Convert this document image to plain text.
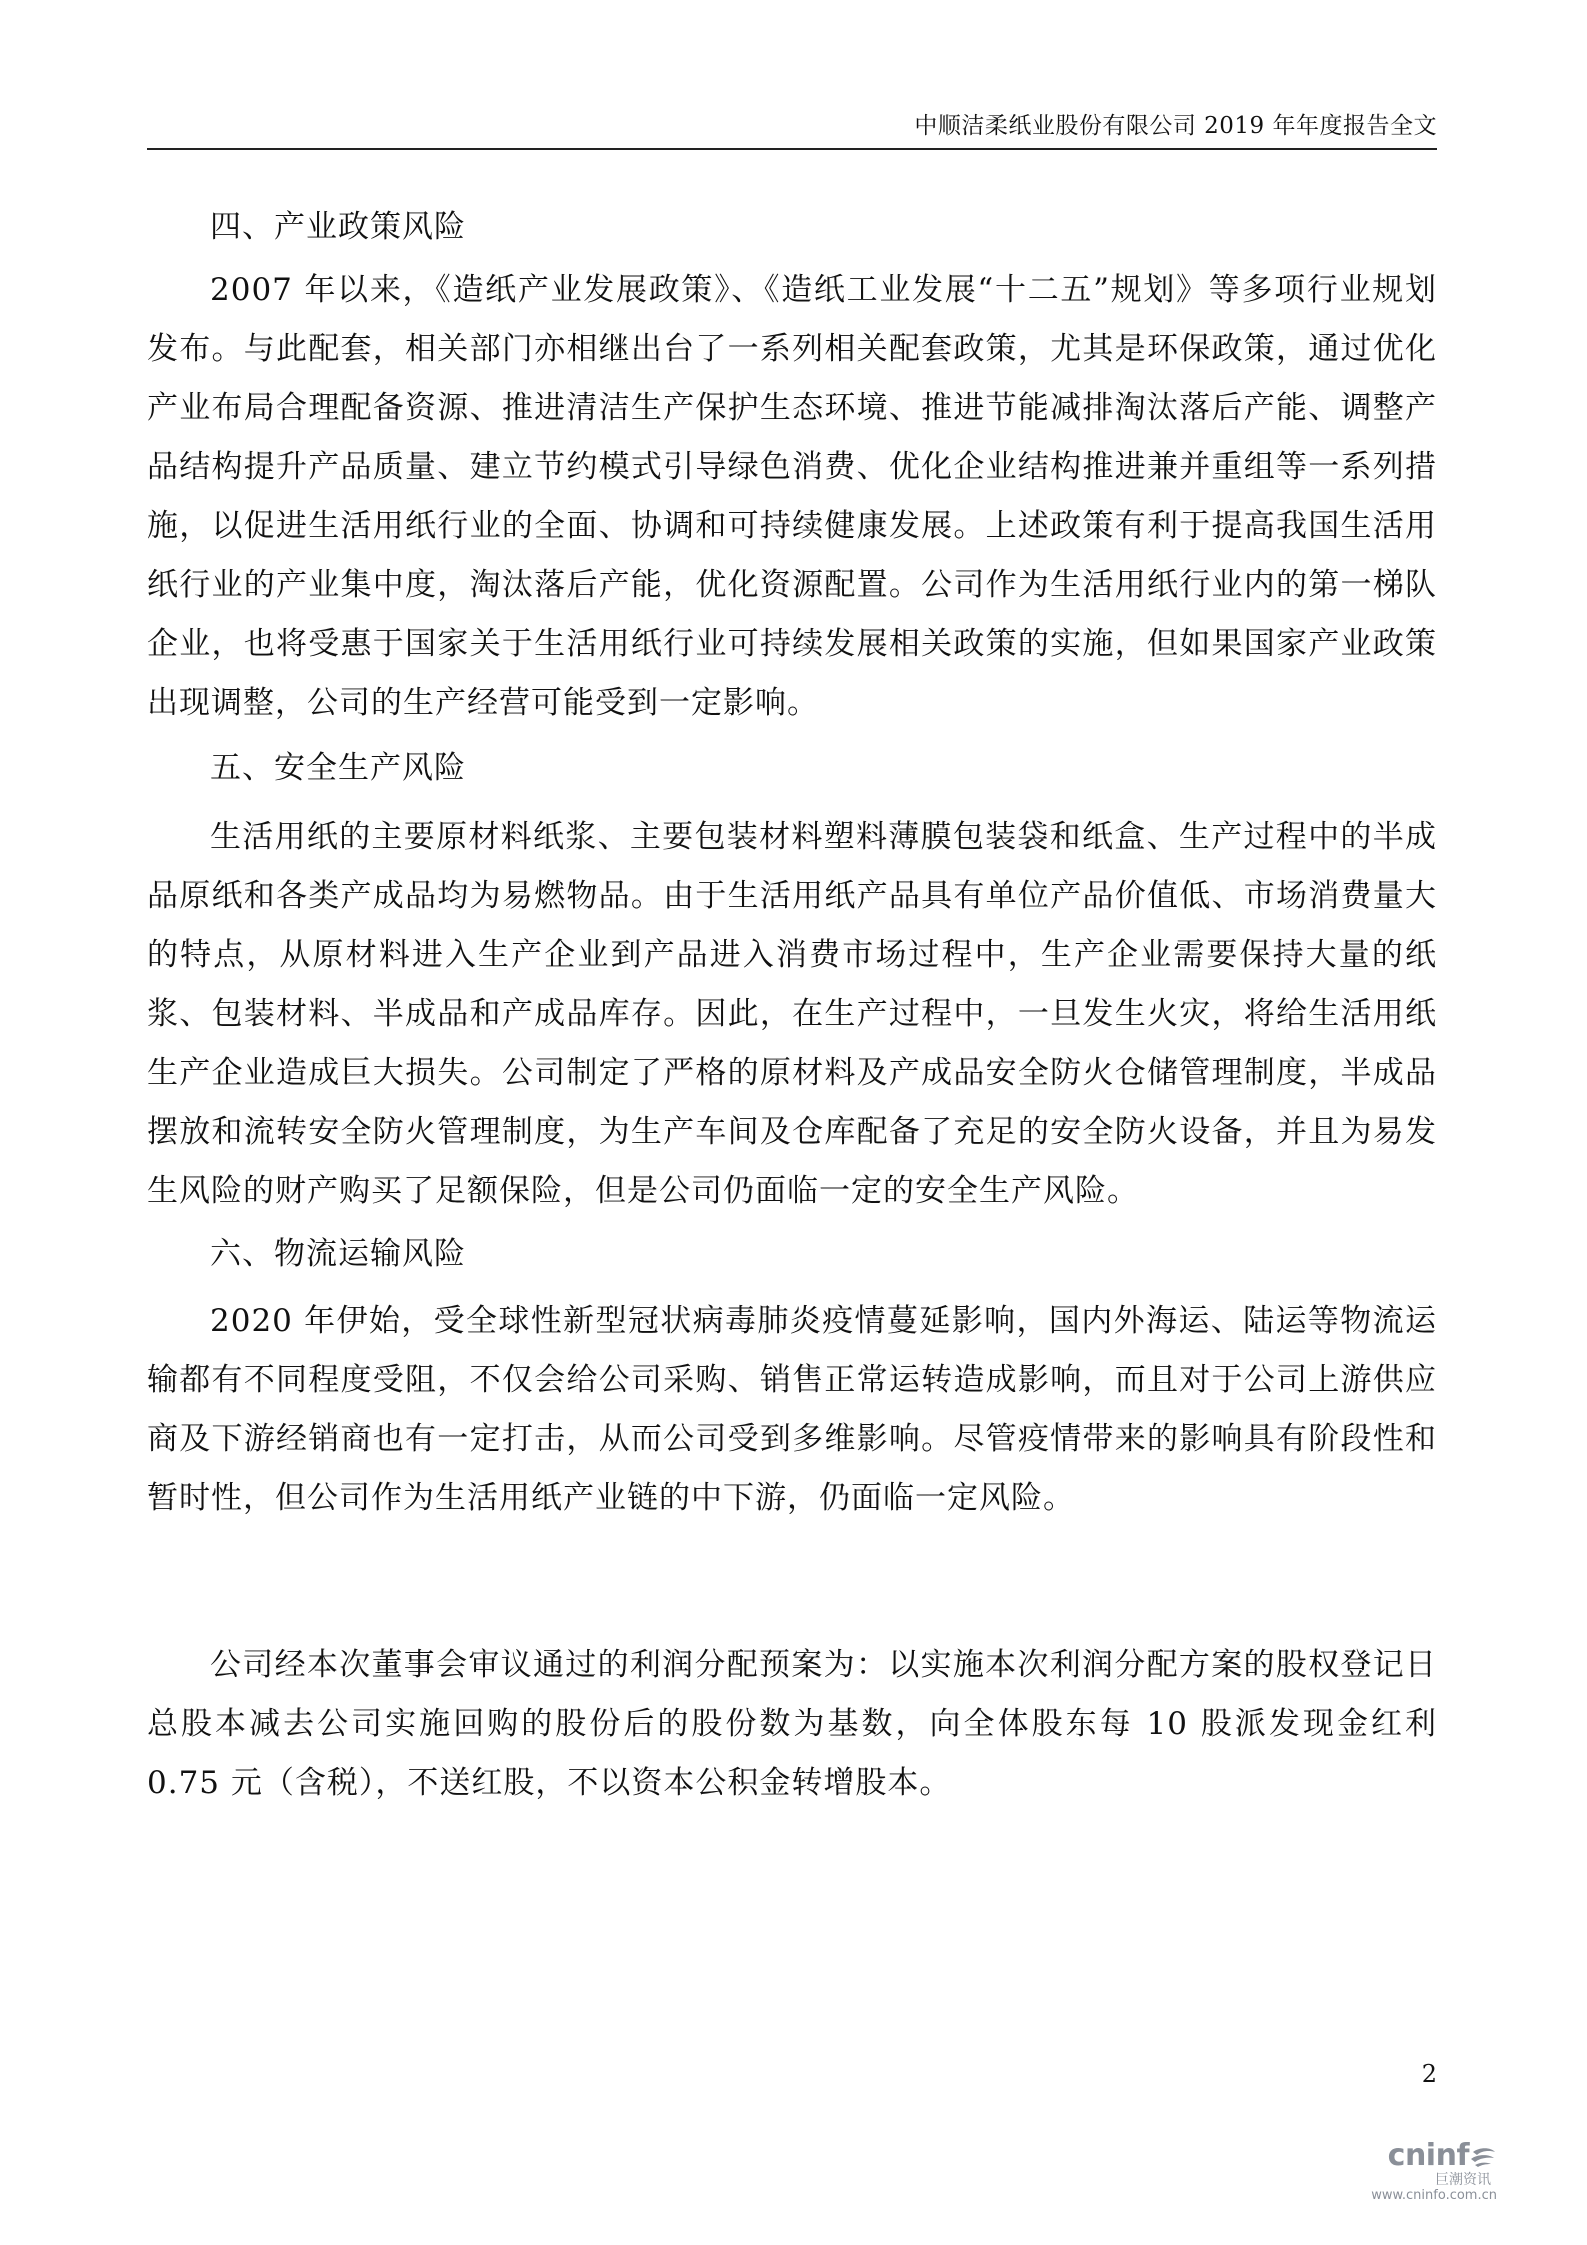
中顺洁柔纸业股份有限公司 2019 年年度报告全文

四、产业政策风险

2007 年以来，《造纸产业发展政策》、《造纸工业发展“十二五”规划》等多项行业规划发布。与此配套，相关部门亦相继出台了一系列相关配套政策，尤其是环保政策，通过优化产业布局合理配备资源、推进清洁生产保护生态环境、推进节能减排淘汰落后产能、调整产品结构提升产品质量、建立节约模式引导绿色消费、优化企业结构推进兼并重组等一系列措施，以促进生活用纸行业的全面、协调和可持续健康发展。上述政策有利于提高我国生活用纸行业的产业集中度，淘汰落后产能，优化资源配置。公司作为生活用纸行业内的第一梯队企业，也将受惠于国家关于生活用纸行业可持续发展相关政策的实施，但如果国家产业政策出现调整，公司的生产经营可能受到一定影响。

五、安全生产风险

生活用纸的主要原材料纸浆、主要包装材料塑料薄膜包装袋和纸盒、生产过程中的半成品原纸和各类产成品均为易燃物品。由于生活用纸产品具有单位产品价值低、市场消费量大的特点，从原材料进入生产企业到产品进入消费市场过程中，生产企业需要保持大量的纸浆、包装材料、半成品和产成品库存。因此，在生产过程中，一旦发生火灾，将给生活用纸生产企业造成巨大损失。公司制定了严格的原材料及产成品安全防火仓储管理制度，半成品摆放和流转安全防火管理制度，为生产车间及仓库配备了充足的安全防火设备，并且为易发生风险的财产购买了足额保险，但是公司仍面临一定的安全生产风险。

六、物流运输风险

2020 年伊始，受全球性新型冠状病毒肺炎疫情蔓延影响，国内外海运、陆运等物流运输都有不同程度受阻，不仅会给公司采购、销售正常运转造成影响，而且对于公司上游供应商及下游经销商也有一定打击，从而公司受到多维影响。尽管疫情带来的影响具有阶段性和暂时性，但公司作为生活用纸产业链的中下游，仍面临一定风险。

公司经本次董事会审议通过的利润分配预案为：以实施本次利润分配方案的股权登记日总股本减去公司实施回购的股份后的股份数为基数，向全体股东每 10 股派发现金红利 0.75 元（含税），不送红股，不以资本公积金转增股本。

2
cninf
巨潮资讯
www.cninfo.com.cn
